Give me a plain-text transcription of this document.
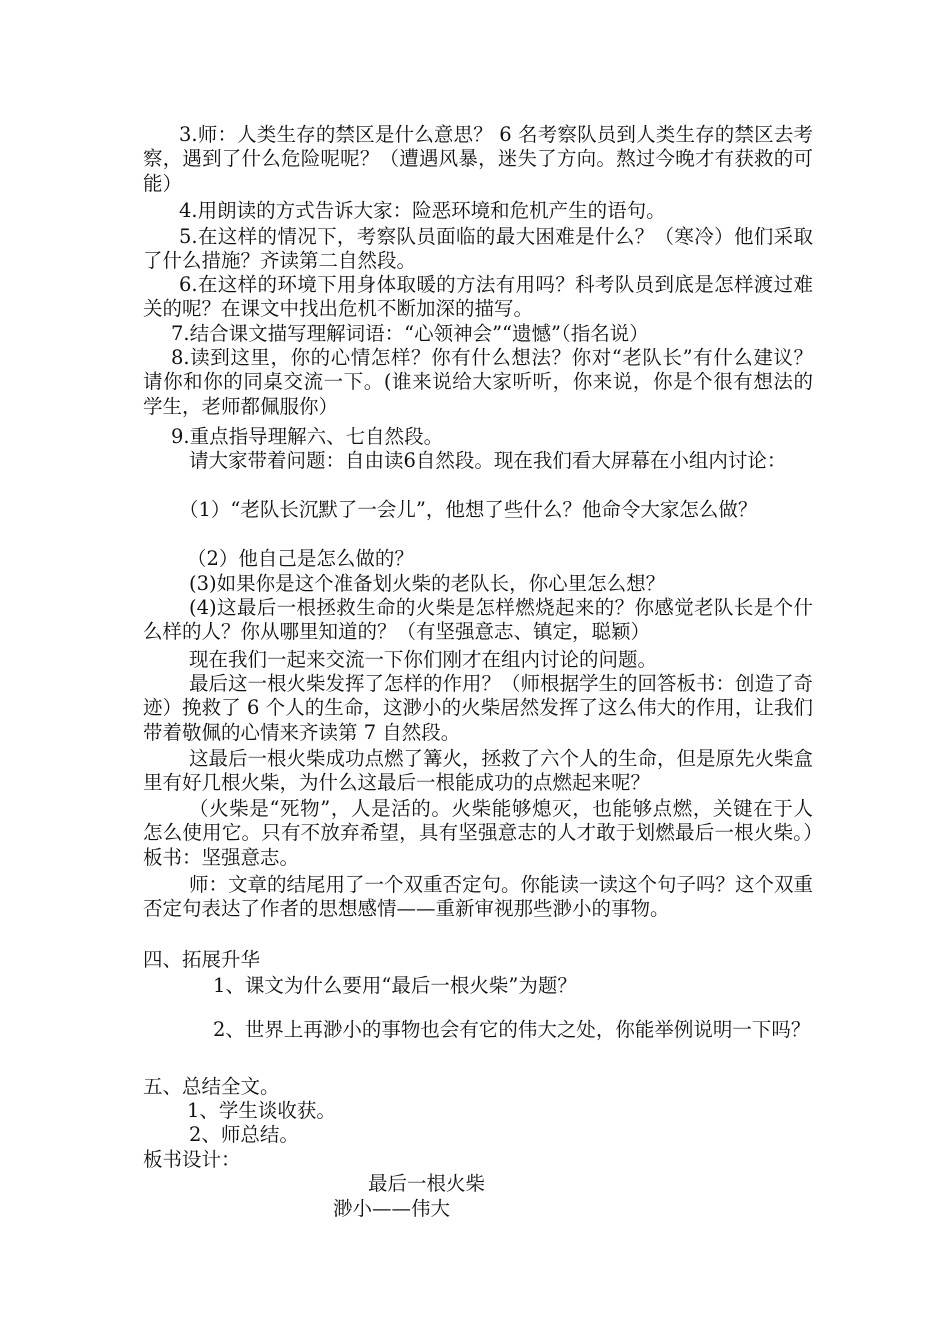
3.师：人类生存的禁区是什么意思？ 6 名考察队员到人类生存的禁区去考察，遇到了什么危险呢呢？（遭遇风暴，迷失了方向。熬过今晚才有获救的可能）

4.用朗读的方式告诉大家：险恶环境和危机产生的语句。

5.在这样的情况下，考察队员面临的最大困难是什么？（寒冷）他们采取了什么措施？齐读第二自然段。

6.在这样的环境下用身体取暖的方法有用吗？科考队员到底是怎样渡过难关的呢？在课文中找出危机不断加深的描写。

7.结合课文描写理解词语：“心领神会”“遗憾”（指名说）

8.读到这里，你的心情怎样？你有什么想法？你对“老队长”有什么建议？请你和你的同桌交流一下。(谁来说给大家听听，你来说，你是个很有想法的学生，老师都佩服你）

9.重点指导理解六、七自然段。

请大家带着问题：自由读6自然段。现在我们看大屏幕在小组内讨论：

（1）“老队长沉默了一会儿”，他想了些什么？他命令大家怎么做？

（2）他自己是怎么做的？

(3)如果你是这个准备划火柴的老队长，你心里怎么想？

(4)这最后一根拯救生命的火柴是怎样燃烧起来的？你感觉老队长是个什么样的人？你从哪里知道的？（有坚强意志、镇定，聪颖）

现在我们一起来交流一下你们刚才在组内讨论的问题。

最后这一根火柴发挥了怎样的作用？（师根据学生的回答板书：创造了奇迹）挽救了 6 个人的生命，这渺小的火柴居然发挥了这么伟大的作用，让我们带着敬佩的心情来齐读第 7 自然段。

这最后一根火柴成功点燃了篝火，拯救了六个人的生命，但是原先火柴盒里有好几根火柴，为什么这最后一根能成功的点燃起来呢？

（火柴是“死物”，人是活的。火柴能够熄灭，也能够点燃，关键在于人怎么使用它。只有不放弃希望，具有坚强意志的人才敢于划燃最后一根火柴。）板书：坚强意志。

师：文章的结尾用了一个双重否定句。你能读一读这个句子吗？这个双重否定句表达了作者的思想感情——重新审视那些渺小的事物。

四、拓展升华

1、课文为什么要用“最后一根火柴”为题？

2、世界上再渺小的事物也会有它的伟大之处，你能举例说明一下吗？

五、总结全文。

1、学生谈收获。

2、师总结。

板书设计：

最后一根火柴
渺小——伟大
